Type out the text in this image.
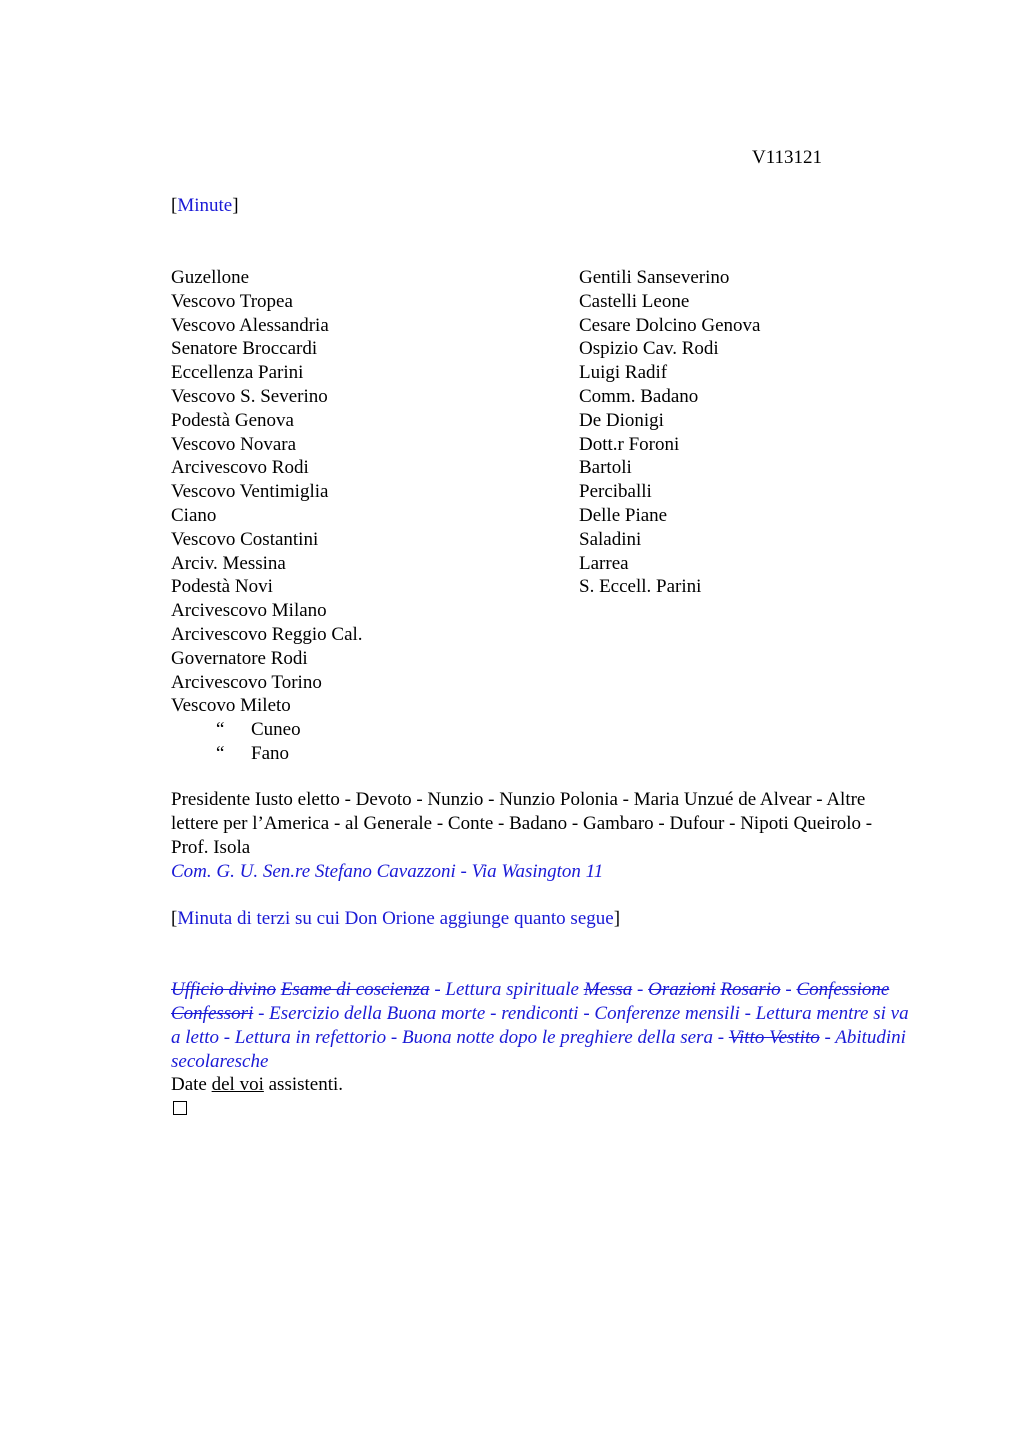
V113121
[Minute]
Guzellone
Vescovo Tropea
Vescovo Alessandria
Senatore Broccardi
Eccellenza Parini
Vescovo S. Severino
Podestà Genova
Vescovo Novara
Arcivescovo Rodi
Vescovo Ventimiglia
Ciano
Vescovo Costantini
Arciv. Messina
Podestà Novi
Arcivescovo Milano
Arcivescovo Reggio Cal.
Governatore Rodi
Arcivescovo Torino
Vescovo Mileto
“ Cuneo
“ Fano
Gentili Sanseverino
Castelli Leone
Cesare Dolcino Genova
Ospizio Cav. Rodi
Luigi Radif
Comm. Badano
De Dionigi
Dott.r Foroni
Bartoli
Perciballi
Delle Piane
Saladini
Larrea
S. Eccell. Parini
Presidente Iusto eletto - Devoto - Nunzio - Nunzio Polonia - Maria Unzué de Alvear - Altre lettere per l’America - al Generale - Conte - Badano - Gambaro - Dufour - Nipoti Queirolo - Prof. Isola
Com. G. U. Sen.re Stefano Cavazzoni - Via Wasington 11
[Minuta di terzi su cui Don Orione aggiunge quanto segue]
Ufficio divino Esame di coscienza - Lettura spirituale Messa - Orazioni Rosario - Confessione Confessori - Esercizio della Buona morte - rendiconti - Conferenze mensili - Lettura mentre si va a letto - Lettura in refettorio - Buona notte dopo le preghiere della sera - Vitto Vestito - Abitudini secolaresche
Date del voi assistenti.
